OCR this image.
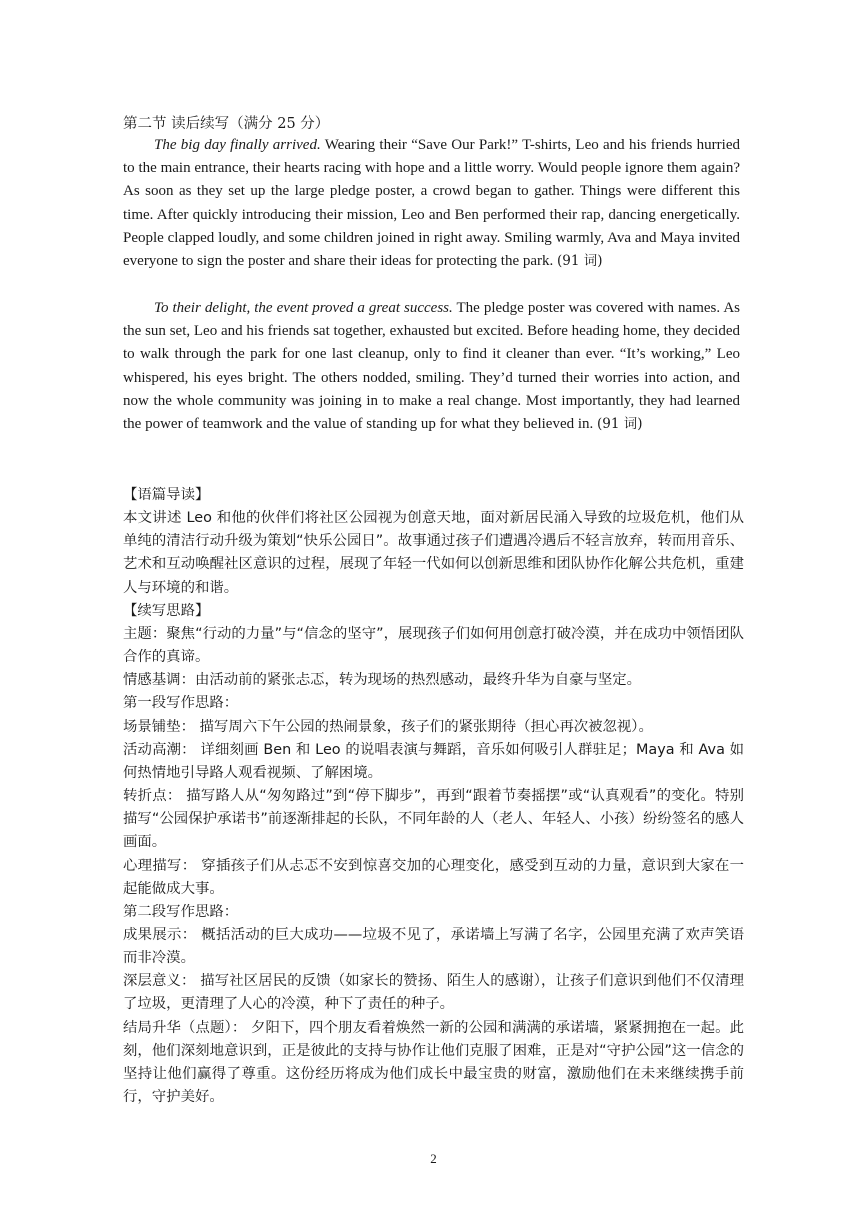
第二节 读后续写（满分 25 分）

The big day finally arrived. Wearing their “Save Our Park!” T-shirts, Leo and his friends hurried to the main entrance, their hearts racing with hope and a little worry. Would people ignore them again? As soon as they set up the large pledge poster, a crowd began to gather. Things were different this time. After quickly introducing their mission, Leo and Ben performed their rap, dancing energetically. People clapped loudly, and some children joined in right away. Smiling warmly, Ava and Maya invited everyone to sign the poster and share their ideas for protecting the park. (91 词)

To their delight, the event proved a great success. The pledge poster was covered with names. As the sun set, Leo and his friends sat together, exhausted but excited. Before heading home, they decided to walk through the park for one last cleanup, only to find it cleaner than ever. “It’s working,” Leo whispered, his eyes bright. The others nodded, smiling. They’d turned their worries into action, and now the whole community was joining in to make a real change. Most importantly, they had learned the power of teamwork and the value of standing up for what they believed in. (91 词)

【语篇导读】

本文讲述 Leo 和他的伙伴们将社区公园视为创意天地，面对新居民涌入导致的垃圾危机，他们从单纯的清洁行动升级为策划“快乐公园日”。故事通过孩子们遭遇冷遇后不轻言放弃，转而用音乐、艺术和互动唤醒社区意识的过程，展现了年轻一代如何以创新思维和团队协作化解公共危机，重建人与环境的和谐。

【续写思路】

主题：聚焦“行动的力量”与“信念的坚守”，展现孩子们如何用创意打破冷漠，并在成功中领悟团队合作的真谛。

情感基调：由活动前的紧张忐忑，转为现场的热烈感动，最终升华为自豪与坚定。

第一段写作思路：

场景铺垫： 描写周六下午公园的热闹景象，孩子们的紧张期待（担心再次被忽视）。

活动高潮： 详细刻画 Ben 和 Leo 的说唱表演与舞蹈，音乐如何吸引人群驻足；Maya 和 Ava 如何热情地引导路人观看视频、了解困境。

转折点： 描写路人从“匆匆路过”到“停下脚步”，再到“跟着节奏摇摆”或“认真观看”的变化。特别描写“公园保护承诺书”前逐渐排起的长队，不同年龄的人（老人、年轻人、小孩）纷纷签名的感人画面。

心理描写： 穿插孩子们从忐忑不安到惊喜交加的心理变化，感受到互动的力量，意识到大家在一起能做成大事。

第二段写作思路：

成果展示： 概括活动的巨大成功——垃圾不见了，承诺墙上写满了名字，公园里充满了欢声笑语而非冷漠。

深层意义： 描写社区居民的反馈（如家长的赞扬、陌生人的感谢），让孩子们意识到他们不仅清理了垃圾，更清理了人心的冷漠，种下了责任的种子。

结局升华（点题）： 夕阳下，四个朋友看着焕然一新的公园和满满的承诺墙，紧紧拥抱在一起。此刻，他们深刻地意识到，正是彼此的支持与协作让他们克服了困难，正是对“守护公园”这一信念的坚持让他们赢得了尊重。这份经历将成为他们成长中最宝贵的财富，激励他们在未来继续携手前行，守护美好。

2
